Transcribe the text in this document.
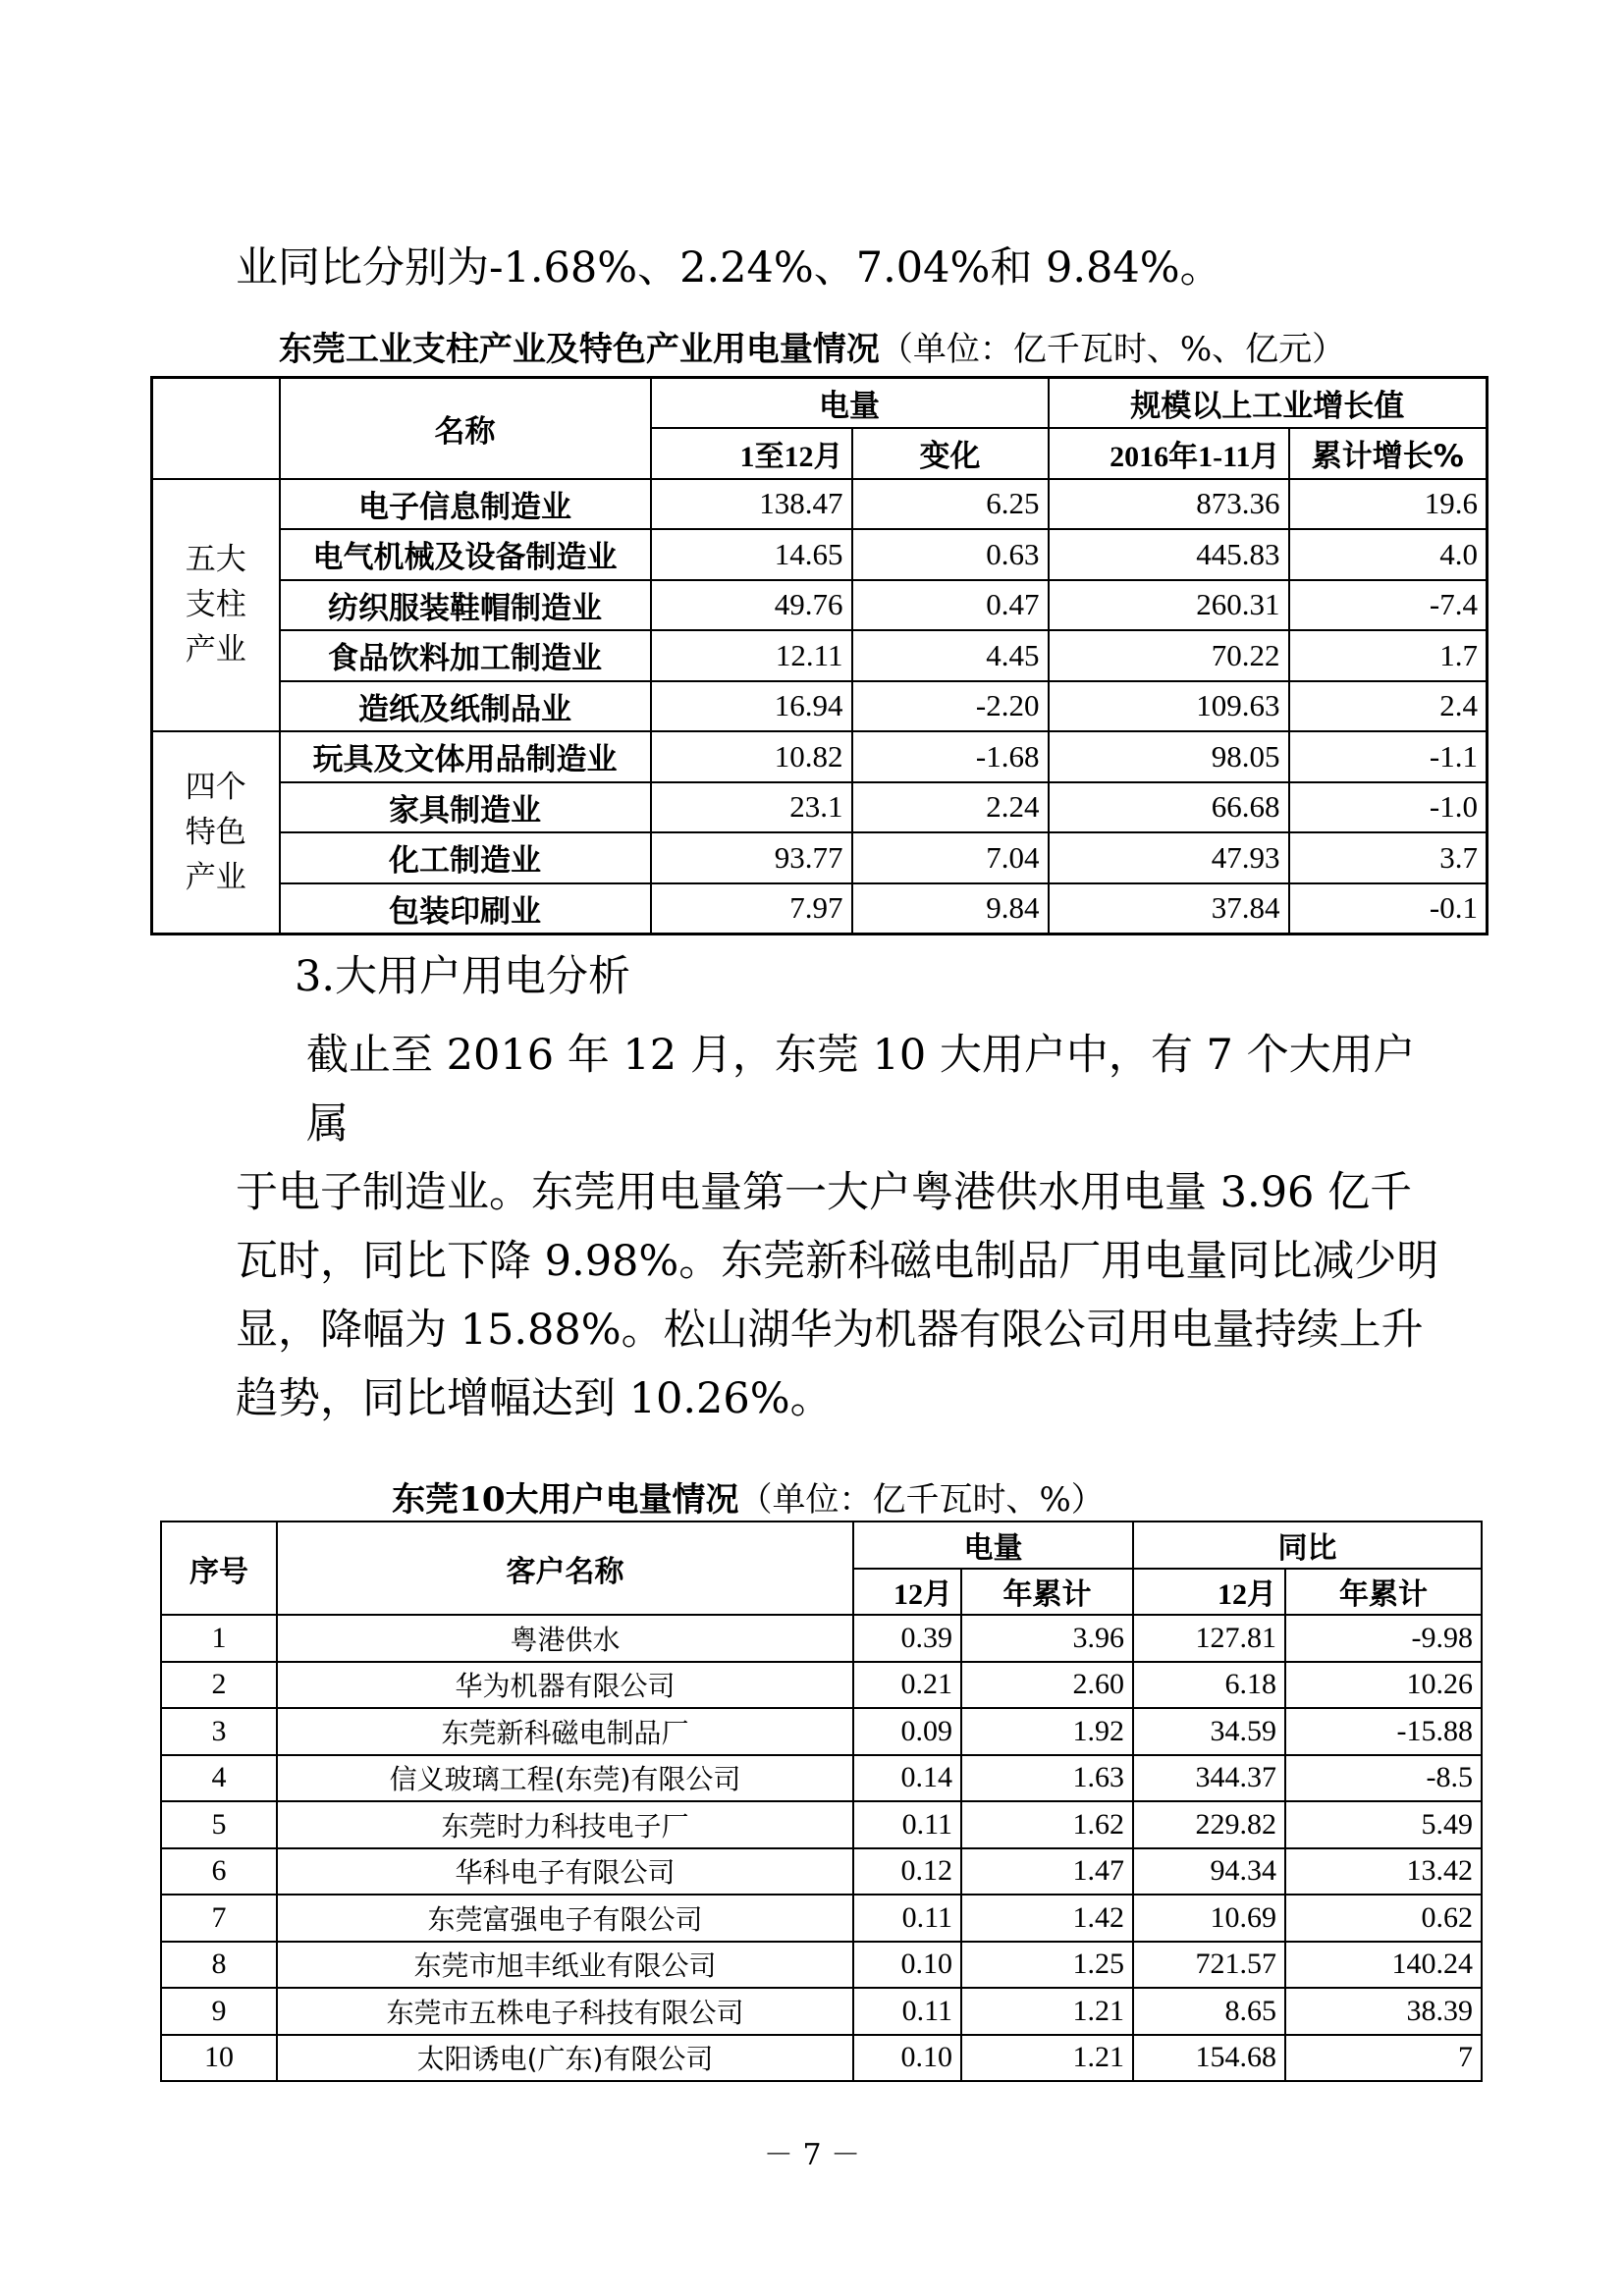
业同比分别为-1.68%、2.24%、7.04%和 9.84%。

东莞工业支柱产业及特色产业用电量情况（单位：亿千瓦时、%、亿元）
	名称	电量		规模以上工业增长值	
		1至12月	变化	2016年1-11月	累计增长%

五大
支柱
产业	电子信息制造业	138.47	6.25	873.36	19.6
	电气机械及设备制造业	14.65	0.63	445.83	4.0
	纺织服装鞋帽制造业	49.76	0.47	260.31	-7.4
	食品饮料加工制造业	12.11	4.45	70.22	1.7
	造纸及纸制品业	16.94	-2.20	109.63	2.4

四个
特色
产业	玩具及文体用品制造业	10.82	-1.68	98.05	-1.1
	家具制造业	23.1	2.24	66.68	-1.0
	化工制造业	93.77	7.04	47.93	3.7
	包装印刷业	7.97	9.84	37.84	-0.1

3.大用户用电分析

截止至 2016 年 12 月，东莞 10 大用户中，有 7 个大用户属
于电子制造业。东莞用电量第一大户粤港供水用电量 3.96 亿千
瓦时，同比下降 9.98%。东莞新科磁电制品厂用电量同比减少明
显，降幅为 15.88%。松山湖华为机器有限公司用电量持续上升
趋势，同比增幅达到 10.26%。
东莞10大用户电量情况（单位：亿千瓦时、%）
序号	客户名称	电量		同比	
		12月	年累计	12月	年累计
1	粤港供水	0.39	3.96	127.81	-9.98
2	华为机器有限公司	0.21	2.60	6.18	10.26
3	东莞新科磁电制品厂	0.09	1.92	34.59	-15.88
4	信义玻璃工程(东莞)有限公司	0.14	1.63	344.37	-8.5
5	东莞时力科技电子厂	0.11	1.62	229.82	5.49
6	华科电子有限公司	0.12	1.47	94.34	13.42
7	东莞富强电子有限公司	0.11	1.42	10.69	0.62
8	东莞市旭丰纸业有限公司	0.10	1.25	721.57	140.24
9	东莞市五株电子科技有限公司	0.11	1.21	8.65	38.39
10	太阳诱电(广东)有限公司	0.10	1.21	154.68	7
－ 7 －
